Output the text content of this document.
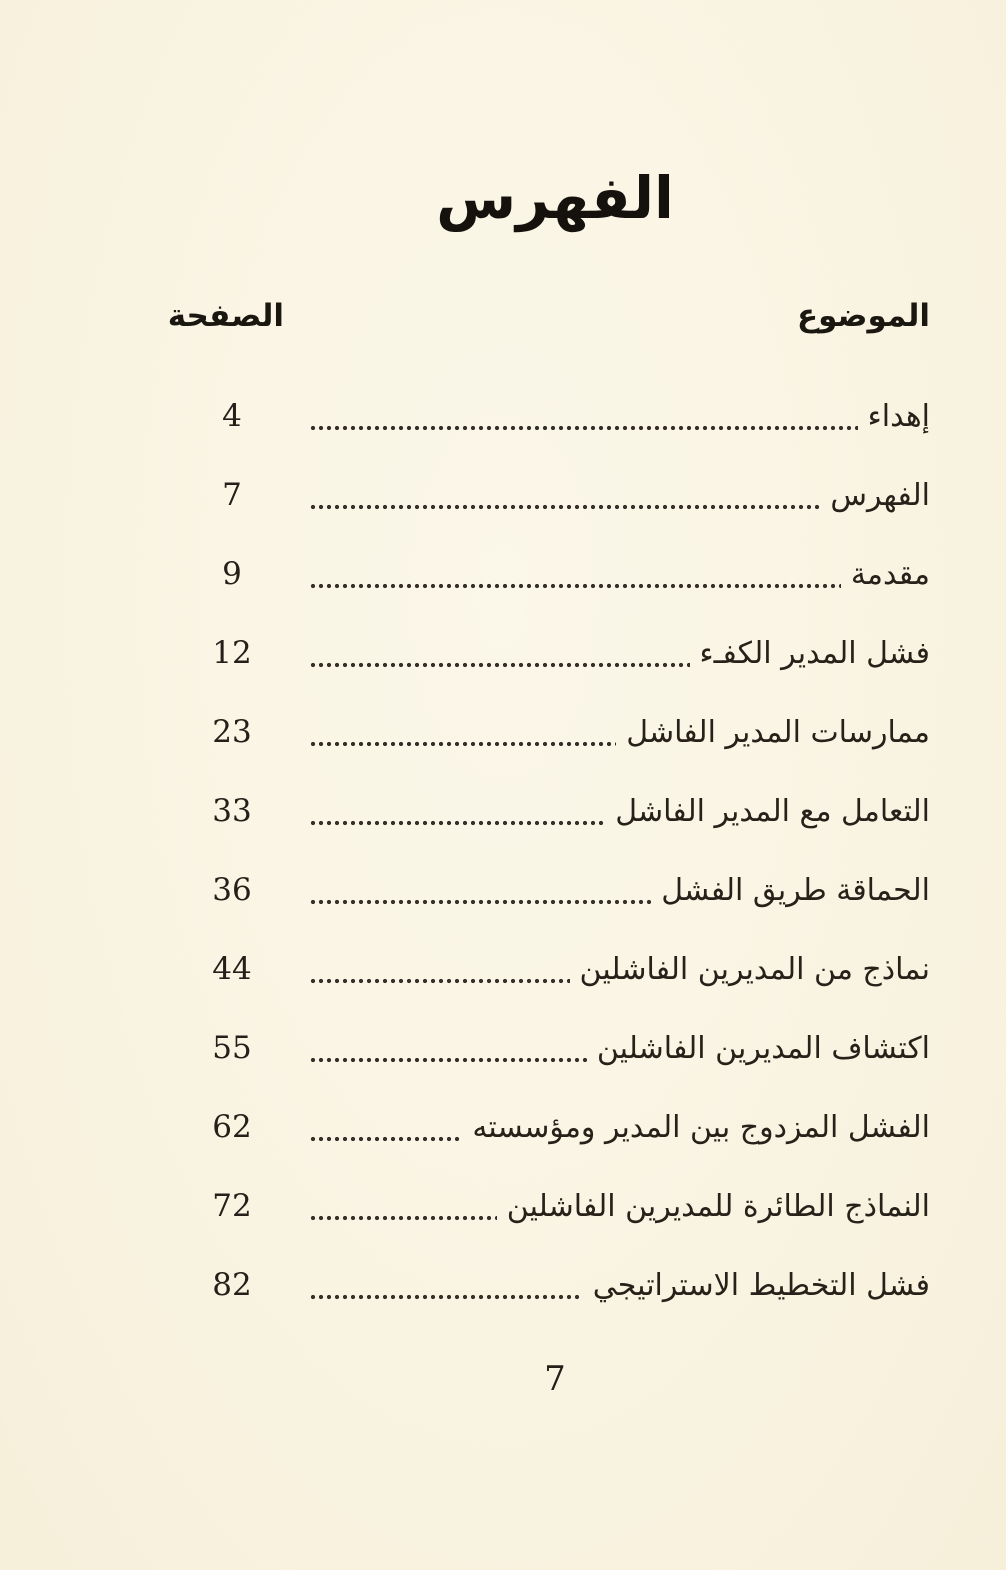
الفهرس
الموضوع
الصفحة
إهداء
4
الفهرس
7
مقدمة
9
فشل المدير الكفـء
12
ممارسات المدير الفاشل
23
التعامل مع المدير الفاشل
33
الحماقة طريق الفشل
36
نماذج من المديرين الفاشلين
44
اكتشاف المديرين الفاشلين
55
الفشل المزدوج بين المدير ومؤسسته
62
النماذج الطائرة للمديرين الفاشلين
72
فشل التخطيط الاستراتيجي
82
7
